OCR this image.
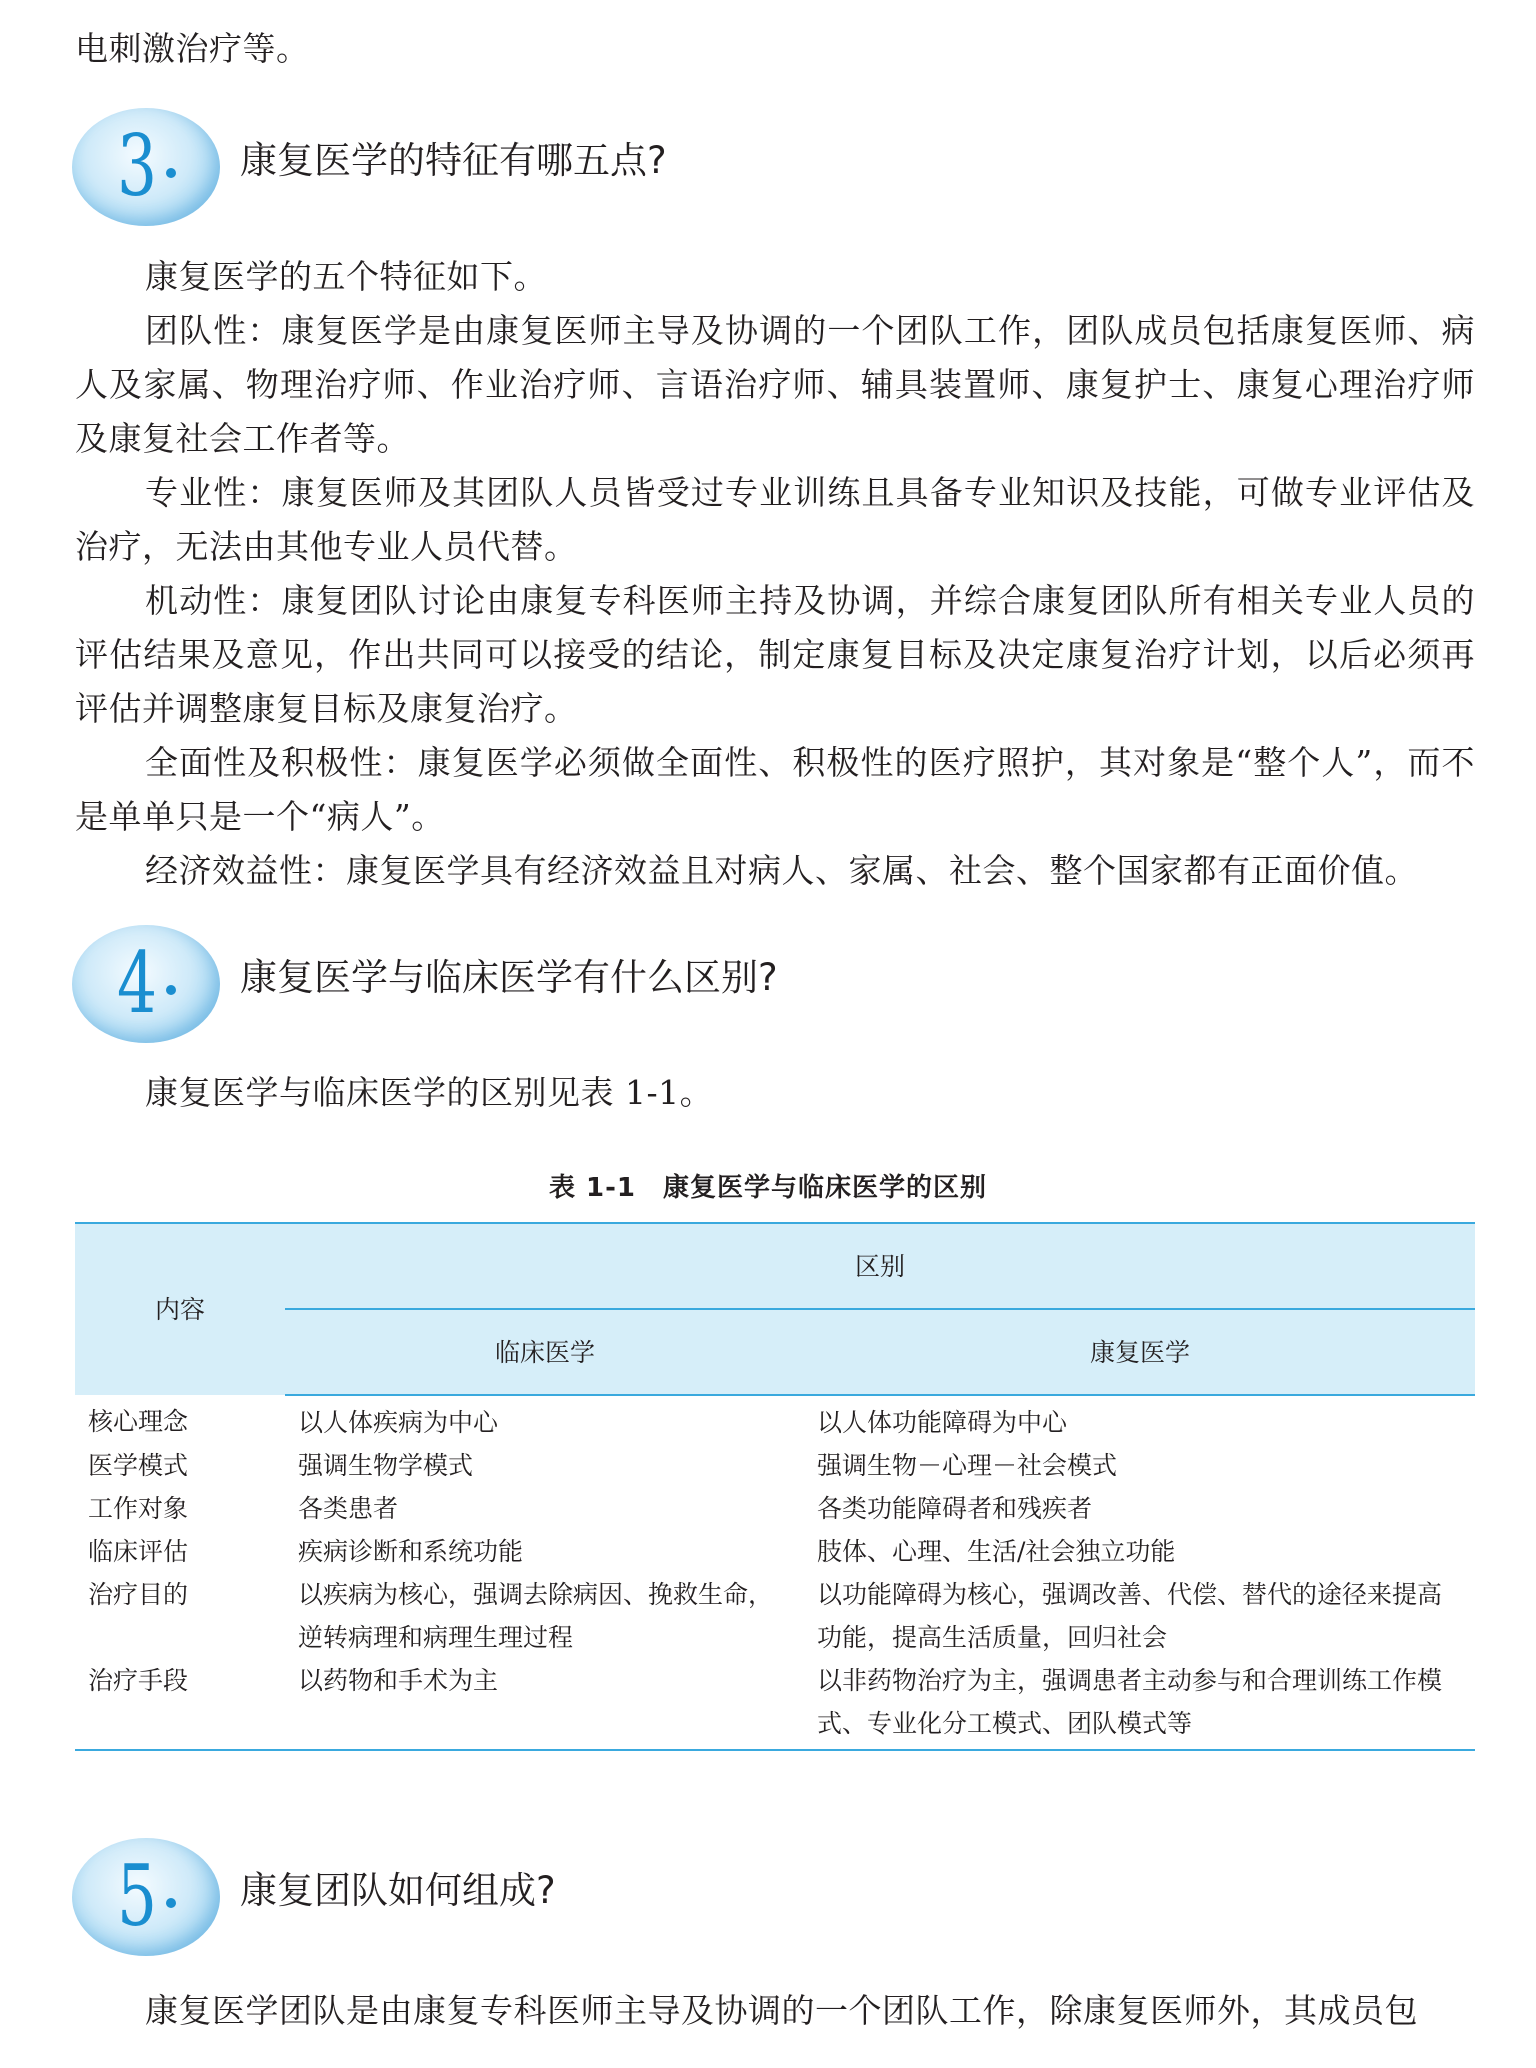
电刺激治疗等。

3 康复医学的特征有哪五点?

康复医学的五个特征如下。

团队性：康复医学是由康复医师主导及协调的一个团队工作，团队成员包括康复医师、病人及家属、物理治疗师、作业治疗师、言语治疗师、辅具装置师、康复护士、康复心理治疗师及康复社会工作者等。

专业性：康复医师及其团队人员皆受过专业训练且具备专业知识及技能，可做专业评估及治疗，无法由其他专业人员代替。

机动性：康复团队讨论由康复专科医师主持及协调，并综合康复团队所有相关专业人员的评估结果及意见，作出共同可以接受的结论，制定康复目标及决定康复治疗计划，以后必须再评估并调整康复目标及康复治疗。

全面性及积极性：康复医学必须做全面性、积极性的医疗照护，其对象是“整个人”，而不是单单只是一个“病人”。

经济效益性：康复医学具有经济效益且对病人、家属、社会、整个国家都有正面价值。

4 康复医学与临床医学有什么区别?

康复医学与临床医学的区别见表 1-1。

表 1-1　康复医学与临床医学的区别
内容	区别	
	临床医学	康复医学
核心理念	以人体疾病为中心	以人体功能障碍为中心
医学模式	强调生物学模式	强调生物－心理－社会模式
工作对象	各类患者	各类功能障碍者和残疾者
临床评估	疾病诊断和系统功能	肢体、心理、生活/社会独立功能
治疗目的	以疾病为核心，强调去除病因、挽救生命，逆转病理和病理生理过程	以功能障碍为核心，强调改善、代偿、替代的途径来提高功能，提高生活质量，回归社会
治疗手段	以药物和手术为主	以非药物治疗为主，强调患者主动参与和合理训练工作模式、专业化分工模式、团队模式等
5 康复团队如何组成?

康复医学团队是由康复专科医师主导及协调的一个团队工作，除康复医师外，其成员包
